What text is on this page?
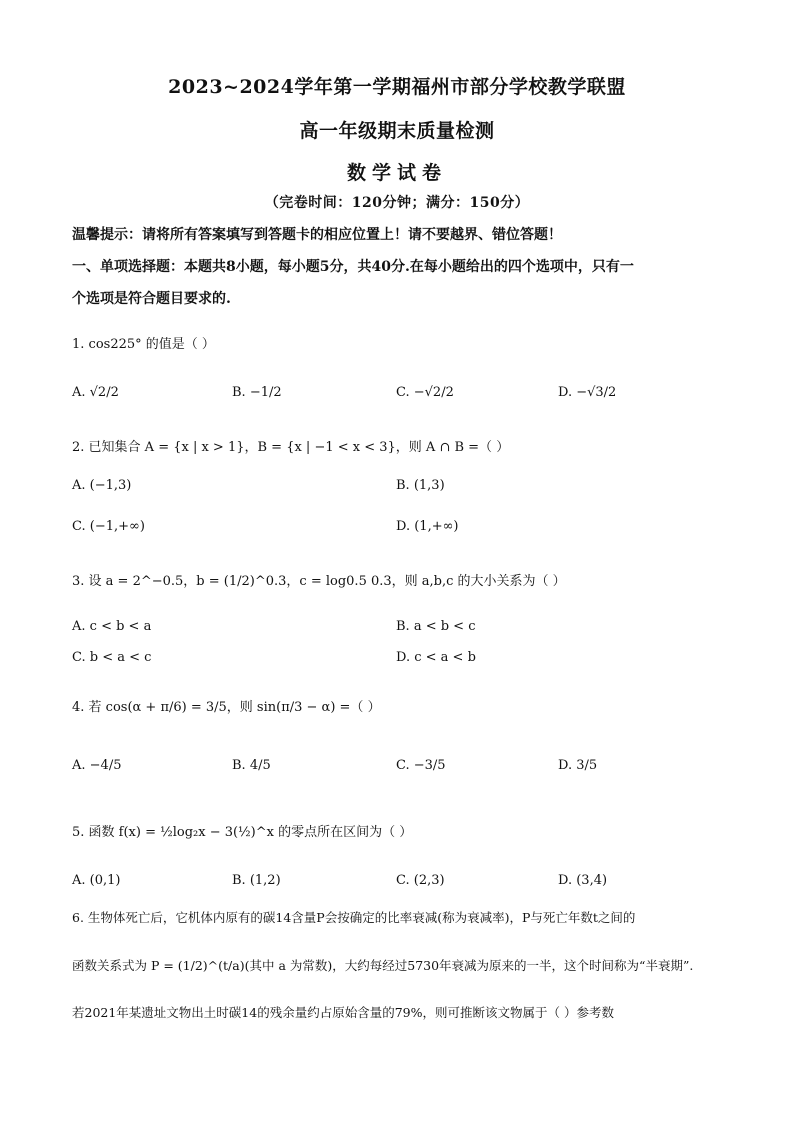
2023~2024学年第一学期福州市部分学校教学联盟
高一年级期末质量检测
数学试卷
（完卷时间：120分钟；满分：150分）
温馨提示：请将所有答案填写到答题卡的相应位置上！请不要越界、错位答题！
一、单项选择题：本题共8小题，每小题5分，共40分.在每小题给出的四个选项中，只有一
个选项是符合题目要求的.
1. cos225° 的值是（ ）
A. √2/2	B. −1/2	C. −√2/2	D. −√3/2
2. 已知集合 A = {x | x > 1}，B = {x | −1 < x < 3}，则 A ∩ B =（ ）
A. (−1,3)	B. (1,3)
C. (−1,+∞)	D. (1,+∞)
3. 设 a = 2^−0.5，b = (1/2)^0.3，c = log0.5 0.3，则 a,b,c 的大小关系为（ ）
A. c < b < a	B. a < b < c
C. b < a < c	D. c < a < b
4. 若 cos(α + π/6) = 3/5，则 sin(π/3 − α) =（ ）
A. −4/5	B. 4/5	C. −3/5	D. 3/5
5. 函数 f(x) = ½log₂x − 3(½)^x 的零点所在区间为（ ）
A. (0,1)	B. (1,2)	C. (2,3)	D. (3,4)
6. 生物体死亡后，它机体内原有的碳14含量P会按确定的比率衰减(称为衰减率)，P与死亡年数t之间的
函数关系式为 P = (1/2)^(t/a)(其中 a 为常数)，大约每经过5730年衰减为原来的一半，这个时间称为“半衰期”.
若2021年某遗址文物出土时碳14的残余量约占原始含量的79%，则可推断该文物属于（ ）参考数
